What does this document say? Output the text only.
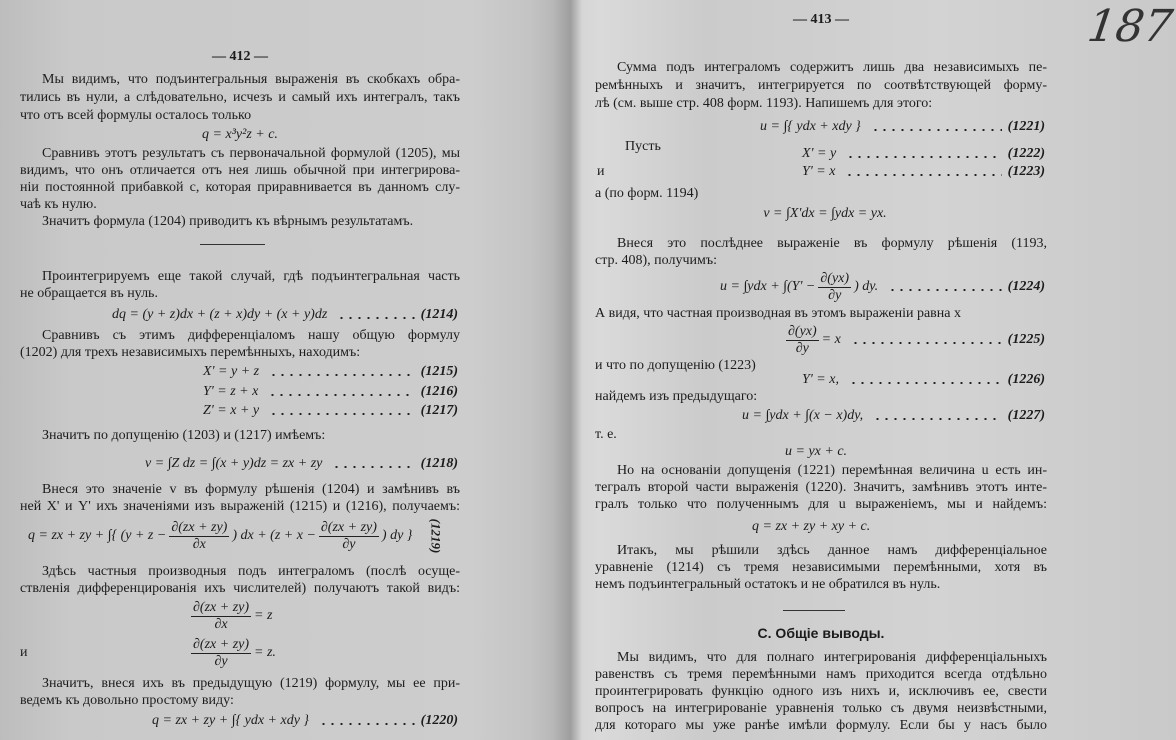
— 412 —
Мы видимъ, что подъинтегральныя выраженія въ скобкахъ обра-
тились въ нули, а слѣдовательно, исчезъ и самый ихъ интегралъ, такъ
что отъ всей формулы осталось только
q = x³y²z + c.
Сравнивъ этотъ результатъ съ первоначальной формулой (1205), мы
видимъ, что онъ отличается отъ нея лишь обычной при интегрирова-
ніи постоянной прибавкой c, которая приравнивается въ данномъ слу-
чаѣ къ нулю.
Значитъ формула (1204) приводитъ къ вѣрнымъ результатамъ.
Проинтегрируемъ еще такой случай, гдѣ подъинтегральная часть
не обращается въ нуль.
dq = (y + z)dx + (z + x)dy + (x + y)dz	(1214)
Сравнивъ съ этимъ дифференціаломъ нашу общую формулу
(1202) для трехъ независимыхъ перемѣнныхъ, находимъ:
X' = y + z	(1215)
Y' = z + x	(1216)
Z' = x + y	(1217)
Значитъ по допущенію (1203) и (1217) имѣемъ:
v = ∫Z dz = ∫(x + y)dz = zx + zy	(1218)
Внеся это значеніе v въ формулу рѣшенія (1204) и замѣнивъ въ
ней X' и Y' ихъ значеніями изъ выраженій (1215) и (1216), получаемъ:
q = zx + zy + ∫{ ($y + z - \frac{\partial(zx + zy)}{\partial x}$ ) dx + ($z + x - \frac{\partial(zx + zy)}{\partial y}$ ) dy } (1219)
Здѣсь частныя производныя подъ интеграломъ (послѣ осуще-
ствленія дифференцированія ихъ числителей) получаютъ такой видъ:
$\frac{\partial(zx + zy)}{\partial x} = z$
и	$\frac{\partial(zx + zy)}{\partial y} = z$.
Значитъ, внеся ихъ въ предыдущую (1219) формулу, мы ее при-
ведемъ къ довольно простому виду:
q = zx + zy + ∫{ ydx + xdy }	(1220)
187
— 413 —
Сумма подъ интеграломъ содержитъ лишь два независимыхъ пе-
ремѣнныхъ и значитъ, интегрируется по соотвѣтствующей форму-
лѣ (см. выше стр. 408 форм. 1193). Напишемъ для этого:
u = ∫{ ydx + xdy }	(1221)
Пусть	X' = y	(1222)
и	Y' = x	(1223)
а (по форм. 1194)
v = ∫X'dx = ∫ydx = yx.
Внеся это послѣднее выраженіе въ формулу рѣшенія (1193,
стр. 408), получимъ:
$u = \int ydx + \int(Y' - \frac{\partial(yx)}{\partial y}$ ) dy.	(1224)
А видя, что частная производная въ этомъ выраженіи равна x
$\frac{\partial(yx)}{\partial y} = x$	(1225)
и что по допущенію (1223)
Y' = x,	(1226)
найдемъ изъ предыдущаго:
u = ∫ydx + ∫(x − x)dy,	(1227)
т. е.
u = yx + c.
Но на основаніи допущенія (1221) перемѣнная величина u есть ин-
тегралъ второй части выраженія (1220). Значитъ, замѣнивъ этотъ инте-
гралъ только что полученнымъ для u выраженіемъ, мы и найдемъ:
q = zx + zy + xy + c.
Итакъ, мы рѣшили здѣсь данное намъ дифференціальное
уравненіе (1214) съ тремя независимыми перемѣнными, хотя въ
немъ подъинтегральный остатокъ и не обратился въ нуль.
С. Общіе выводы.
Мы видимъ, что для полнаго интегрированія дифференціальныхъ
равенствъ съ тремя перемѣнными намъ приходится всегда отдѣльно
проинтегрировать функцію одного изъ нихъ и, исключивъ ее, свести
вопросъ на интегрированіе уравненія только съ двумя неизвѣстными,
для котораго мы уже ранѣе имѣли формулу. Если бы у насъ было
